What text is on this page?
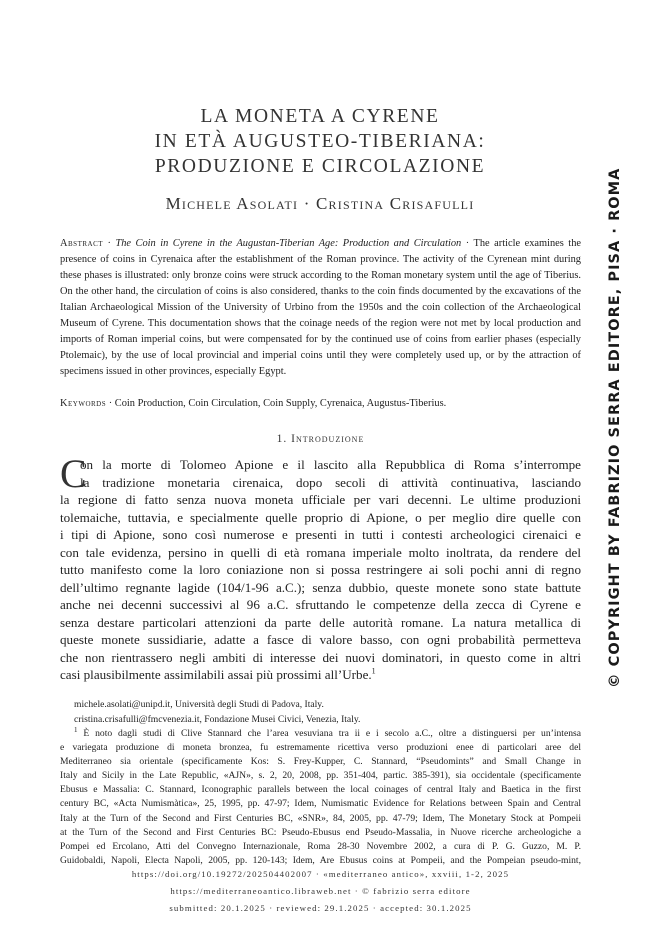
LA MONETA A CYRENE
IN ETÀ AUGUSTEO-TIBERIANA:
PRODUZIONE E CIRCOLAZIONE
Michele Asolati · Cristina Crisafulli
Abstract · The Coin in Cyrene in the Augustan-Tiberian Age: Production and Circulation · The article examines the presence of coins in Cyrenaica after the establishment of the Roman province. The activity of the Cyrenean mint during these phases is illustrated: only bronze coins were struck according to the Roman monetary system until the age of Tiberius. On the other hand, the circulation of coins is also considered, thanks to the coin finds documented by the excavations of the Italian Archaeological Mission of the University of Urbino from the 1950s and the coin collection of the Archaeological Museum of Cyrene. This documentation shows that the coinage needs of the region were not met by local production and imports of Roman imperial coins, but were compensated for by the continued use of coins from earlier phases (especially Ptolemaic), by the use of local provincial and imperial coins until they were completely used up, or by the attraction of specimens issued in other provinces, especially Egypt.
Keywords · Coin Production, Coin Circulation, Coin Supply, Cyrenaica, Augustus-Tiberius.
1. Introduzione
C
on la morte di Tolomeo Apione e il lascito alla Repubblica di Roma s’interrompe
la tradizione monetaria cirenaica, dopo secoli di attività continuativa, lasciando
la regione di fatto senza nuova moneta ufficiale per vari decenni. Le ultime produzioni
tolemaiche, tuttavia, e specialmente quelle proprio di Apione, o per meglio dire quelle con
i tipi di Apione, sono così numerose e presenti in tutti i contesti archeologici cirenaici e
con tale evidenza, persino in quelli di età romana imperiale molto inoltrata, da rendere del
tutto manifesto come la loro coniazione non si possa restringere ai soli pochi anni di regno
dell’ultimo regnante lagide (104/1-96 a.C.); senza dubbio, queste monete sono state battute
anche nei decenni successivi al 96 a.C. sfruttando le competenze della zecca di Cyrene e
senza destare particolari attenzioni da parte delle autorità romane. La natura metallica di
queste monete sussidiarie, adatte a fasce di valore basso, con ogni probabilità permetteva
che non rientrassero negli ambiti di interesse dei nuovi dominatori, in questo come in altri
casi plausibilmente assimilabili assai più prossimi all’Urbe.$^1$
michele.asolati@unipd.it, Università degli Studi di Padova, Italy.
cristina.crisafulli@fmcvenezia.it, Fondazione Musei Civici, Venezia, Italy.
$^1$ È noto dagli studi di Clive Stannard che l’area vesuviana tra ii e i secolo a.C., oltre a distinguersi per un’intensa
e variegata produzione di moneta bronzea, fu estremamente ricettiva verso produzioni enee di particolari aree del
Mediterraneo sia orientale (specificamente Kos: S. Frey-Kupper, C. Stannard, “Pseudomints” and Small Change in
Italy and Sicily in the Late Republic, «AJN», s. 2, 20, 2008, pp. 351-404, partic. 385-391), sia occidentale (specificamente
Ebusus e Massalia: C. Stannard, Iconographic parallels between the local coinages of central Italy and Baetica in the first
century BC, «Acta Numismàtica», 25, 1995, pp. 47-97; Idem, Numismatic Evidence for Relations between Spain and Central
Italy at the Turn of the Second and First Centuries BC, «SNR», 84, 2005, pp. 47-79; Idem, The Monetary Stock at Pompeii
at the Turn of the Second and First Centuries BC: Pseudo-Ebusus end Pseudo-Massalia, in Nuove ricerche archeologiche a
Pompei ed Ercolano, Atti del Convegno Internazionale, Roma 28-30 Novembre 2002, a cura di P. G. Guzzo, M. P.
Guidobaldi, Napoli, Electa Napoli, 2005, pp. 120-143; Idem, Are Ebusus coins at Pompeii, and the Pompeian pseudo-mint,
https://doi.org/10.19272/202504402007 · «mediterraneo antico», xxviii, 1-2, 2025
https://mediterraneoantico.libraweb.net · © fabrizio serra editore
submitted: 20.1.2025 · reviewed: 29.1.2025 · accepted: 30.1.2025
© COPYRIGHT BY FABRIZIO SERRA EDITORE, PISA · ROMA
